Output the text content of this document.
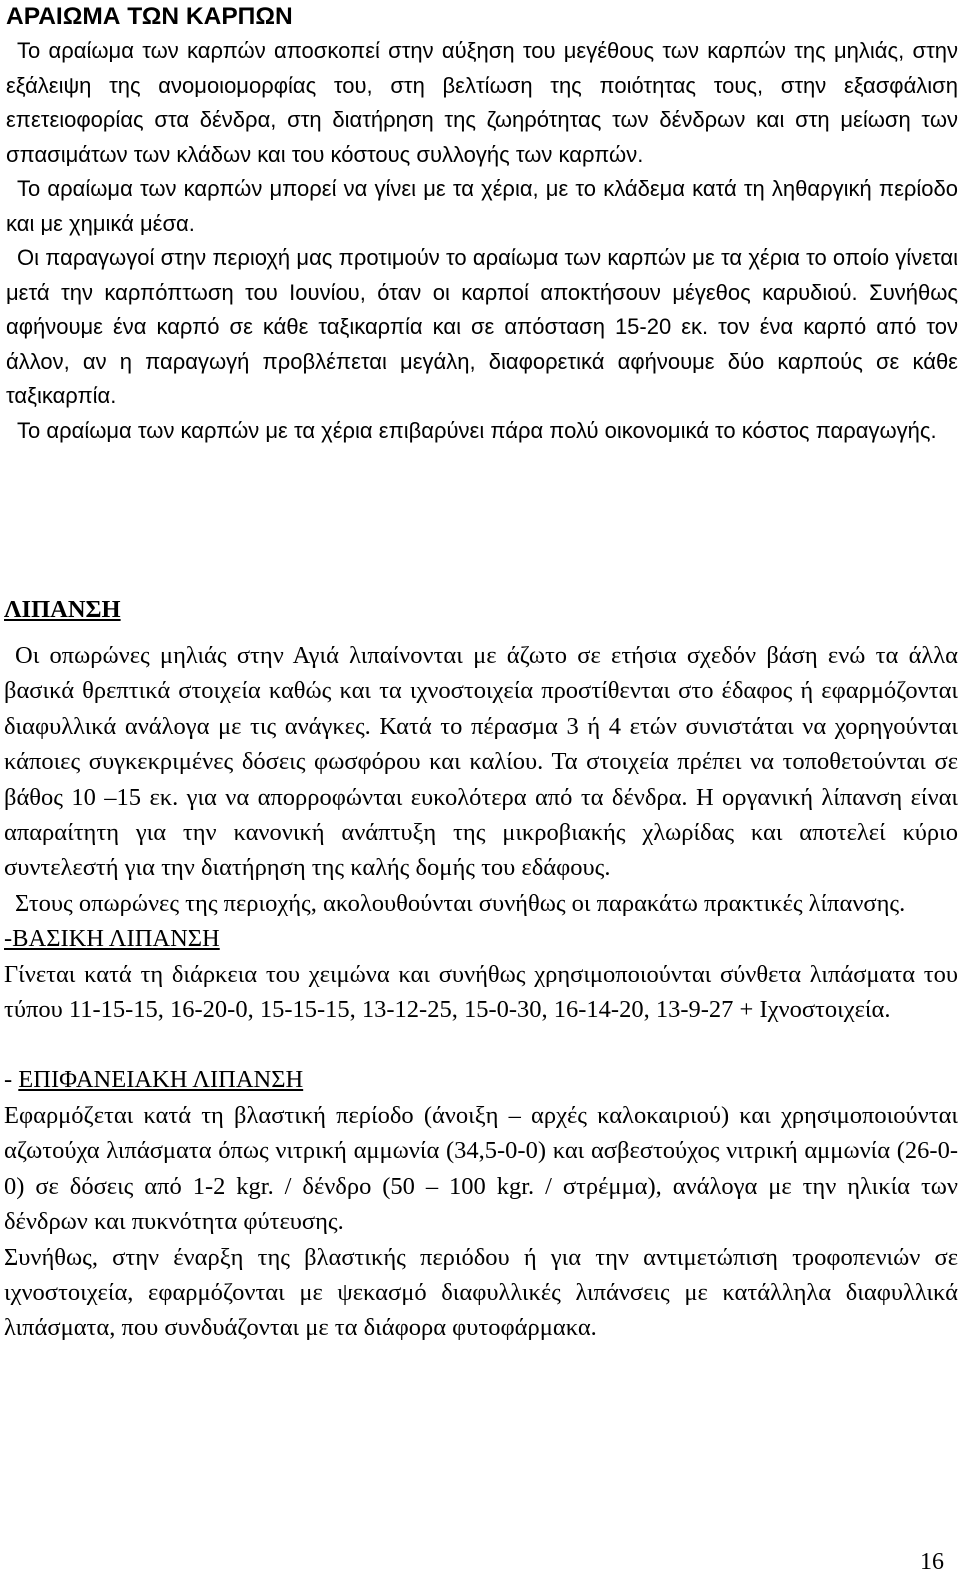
ΑΡΑΙΩΜΑ ΤΩΝ ΚΑΡΠΩΝ

Το αραίωμα των καρπών αποσκοπεί στην αύξηση του μεγέθους των καρπών της μηλιάς, στην εξάλειψη της ανομοιομορφίας του, στη βελτίωση της ποιότητας τους, στην εξασφάλιση επετειοφορίας στα δένδρα, στη διατήρηση της ζωηρότητας των δένδρων και στη μείωση των σπασιμάτων των κλάδων και του κόστους συλλογής των καρπών.

Το αραίωμα των καρπών μπορεί να γίνει με τα χέρια, με το κλάδεμα κατά τη ληθαργική περίοδο και με χημικά μέσα.

Οι παραγωγοί στην περιοχή μας προτιμούν το αραίωμα των καρπών με τα χέρια το οποίο γίνεται μετά την καρπόπτωση του Ιουνίου, όταν οι καρποί αποκτήσουν μέγεθος καρυδιού. Συνήθως αφήνουμε ένα καρπό σε κάθε ταξικαρπία και σε απόσταση 15-20 εκ. τον ένα καρπό από τον άλλον, αν η παραγωγή προβλέπεται μεγάλη, διαφορετικά αφήνουμε δύο καρπούς σε κάθε ταξικαρπία.

Το αραίωμα των καρπών με τα χέρια επιβαρύνει πάρα πολύ οικονομικά το κόστος παραγωγής.

ΛΙΠΑΝΣΗ

Οι οπωρώνες μηλιάς στην Αγιά λιπαίνονται με άζωτο σε ετήσια σχεδόν βάση ενώ τα άλλα βασικά θρεπτικά στοιχεία καθώς και τα ιχνοστοιχεία προστίθενται στο έδαφος ή εφαρμόζονται διαφυλλικά ανάλογα με τις ανάγκες. Κατά το πέρασμα 3 ή 4 ετών συνιστάται να χορηγούνται κάποιες συγκεκριμένες δόσεις φωσφόρου και καλίου. Τα στοιχεία πρέπει να τοποθετούνται σε βάθος 10 –15 εκ. για να απορροφώνται ευκολότερα από τα δένδρα. Η οργανική λίπανση είναι απαραίτητη για την κανονική ανάπτυξη της μικροβιακής χλωρίδας και αποτελεί κύριο συντελεστή για την διατήρηση της καλής δομής του εδάφους.

Στους οπωρώνες της περιοχής, ακολουθούνται συνήθως οι παρακάτω πρακτικές λίπανσης.

-ΒΑΣΙΚΗ ΛΙΠΑΝΣΗ

Γίνεται κατά τη διάρκεια του χειμώνα και συνήθως χρησιμοποιούνται σύνθετα λιπάσματα του τύπου 11-15-15, 16-20-0, 15-15-15, 13-12-25, 15-0-30, 16-14-20, 13-9-27 + Ιχνοστοιχεία.

- ΕΠΙΦΑΝΕΙΑΚΗ ΛΙΠΑΝΣΗ

Εφαρμόζεται κατά τη βλαστική περίοδο (άνοιξη – αρχές καλοκαιριού) και χρησιμοποιούνται αζωτούχα λιπάσματα όπως νιτρική αμμωνία (34,5-0-0) και ασβεστούχος νιτρική αμμωνία (26-0-0) σε δόσεις από 1-2 kgr. / δένδρο (50 – 100 kgr. / στρέμμα), ανάλογα με την ηλικία των δένδρων και πυκνότητα φύτευσης.

Συνήθως, στην έναρξη της βλαστικής περιόδου ή για την αντιμετώπιση τροφοπενιών σε ιχνοστοιχεία, εφαρμόζονται με ψεκασμό διαφυλλικές λιπάνσεις με κατάλληλα διαφυλλικά λιπάσματα, που συνδυάζονται με τα διάφορα φυτοφάρμακα.

16
